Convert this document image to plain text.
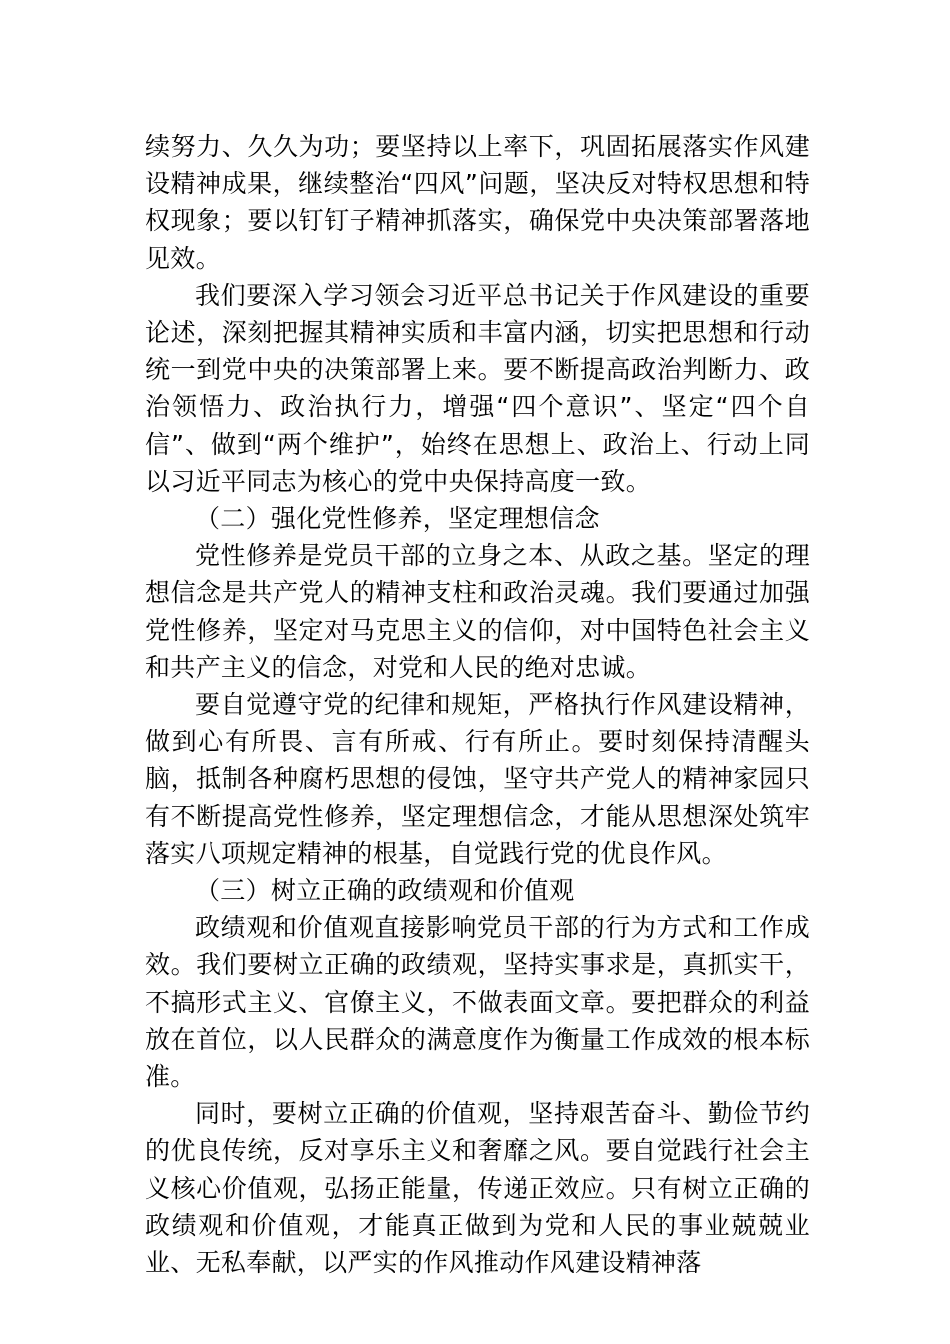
续努力、久久为功；要坚持以上率下，巩固拓展落实作风建设精神成果，继续整治“四风”问题，坚决反对特权思想和特权现象；要以钉钉子精神抓落实，确保党中央决策部署落地见效。

我们要深入学习领会习近平总书记关于作风建设的重要论述，深刻把握其精神实质和丰富内涵，切实把思想和行动统一到党中央的决策部署上来。要不断提高政治判断力、政治领悟力、政治执行力，增强“四个意识”、坚定“四个自信”、做到“两个维护”，始终在思想上、政治上、行动上同以习近平同志为核心的党中央保持高度一致。

（二）强化党性修养，坚定理想信念

党性修养是党员干部的立身之本、从政之基。坚定的理想信念是共产党人的精神支柱和政治灵魂。我们要通过加强党性修养，坚定对马克思主义的信仰，对中国特色社会主义和共产主义的信念，对党和人民的绝对忠诚。

要自觉遵守党的纪律和规矩，严格执行作风建设精神，做到心有所畏、言有所戒、行有所止。要时刻保持清醒头脑，抵制各种腐朽思想的侵蚀，坚守共产党人的精神家园只有不断提高党性修养，坚定理想信念，才能从思想深处筑牢落实八项规定精神的根基，自觉践行党的优良作风。

（三）树立正确的政绩观和价值观

政绩观和价值观直接影响党员干部的行为方式和工作成效。我们要树立正确的政绩观，坚持实事求是，真抓实干，不搞形式主义、官僚主义，不做表面文章。要把群众的利益放在首位，以人民群众的满意度作为衡量工作成效的根本标准。

同时，要树立正确的价值观，坚持艰苦奋斗、勤俭节约的优良传统，反对享乐主义和奢靡之风。要自觉践行社会主义核心价值观，弘扬正能量，传递正效应。只有树立正确的政绩观和价值观，才能真正做到为党和人民的事业兢兢业业、无私奉献，以严实的作风推动作风建设精神落
